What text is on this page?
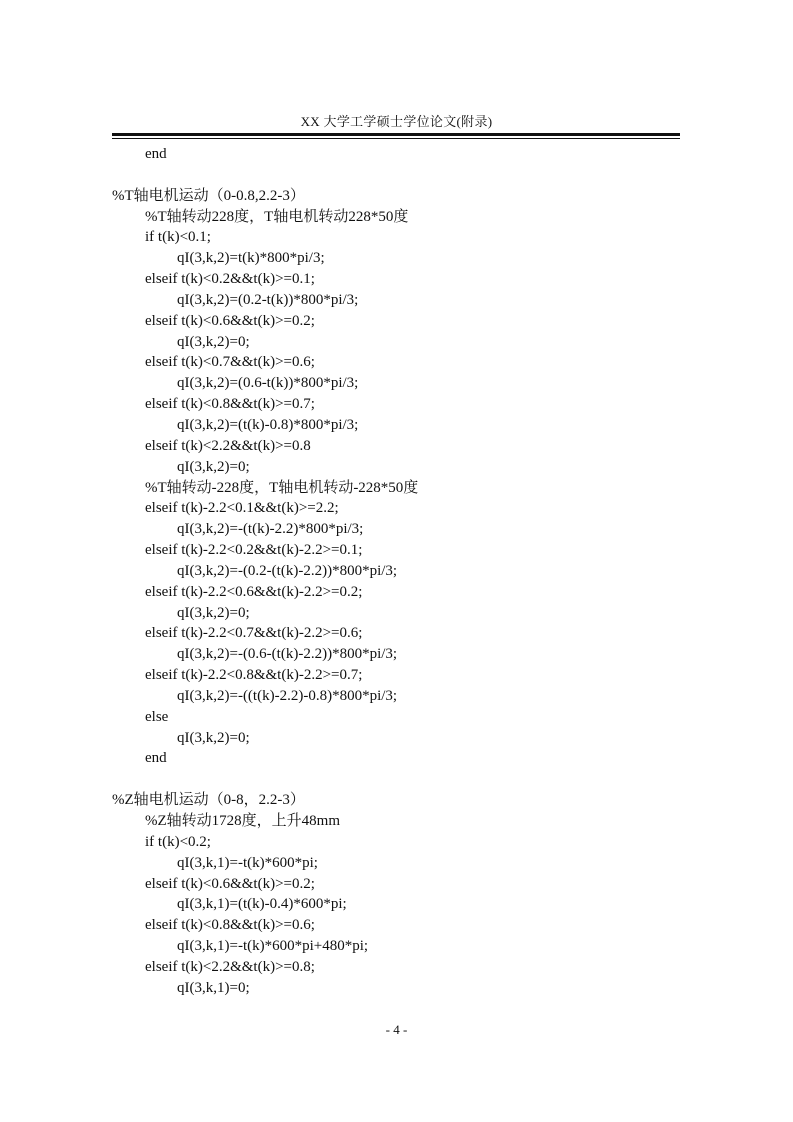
XX 大学工学硕士学位论文(附录)
end
%T轴电机运动（0-0.8,2.2-3）
%T轴转动228度，T轴电机转动228*50度
if t(k)<0.1;
qI(3,k,2)=t(k)*800*pi/3;
elseif t(k)<0.2&&t(k)>=0.1;
qI(3,k,2)=(0.2-t(k))*800*pi/3;
elseif t(k)<0.6&&t(k)>=0.2;
qI(3,k,2)=0;
elseif t(k)<0.7&&t(k)>=0.6;
qI(3,k,2)=(0.6-t(k))*800*pi/3;
elseif t(k)<0.8&&t(k)>=0.7;
qI(3,k,2)=(t(k)-0.8)*800*pi/3;
elseif t(k)<2.2&&t(k)>=0.8
qI(3,k,2)=0;
%T轴转动-228度，T轴电机转动-228*50度
elseif t(k)-2.2<0.1&&t(k)>=2.2;
qI(3,k,2)=-(t(k)-2.2)*800*pi/3;
elseif t(k)-2.2<0.2&&t(k)-2.2>=0.1;
qI(3,k,2)=-(0.2-(t(k)-2.2))*800*pi/3;
elseif t(k)-2.2<0.6&&t(k)-2.2>=0.2;
qI(3,k,2)=0;
elseif t(k)-2.2<0.7&&t(k)-2.2>=0.6;
qI(3,k,2)=-(0.6-(t(k)-2.2))*800*pi/3;
elseif t(k)-2.2<0.8&&t(k)-2.2>=0.7;
qI(3,k,2)=-((t(k)-2.2)-0.8)*800*pi/3;
else
qI(3,k,2)=0;
end
%Z轴电机运动（0-8，2.2-3）
%Z轴转动1728度，上升48mm
if t(k)<0.2;
qI(3,k,1)=-t(k)*600*pi;
elseif t(k)<0.6&&t(k)>=0.2;
qI(3,k,1)=(t(k)-0.4)*600*pi;
elseif t(k)<0.8&&t(k)>=0.6;
qI(3,k,1)=-t(k)*600*pi+480*pi;
elseif t(k)<2.2&&t(k)>=0.8;
qI(3,k,1)=0;
- 4 -
